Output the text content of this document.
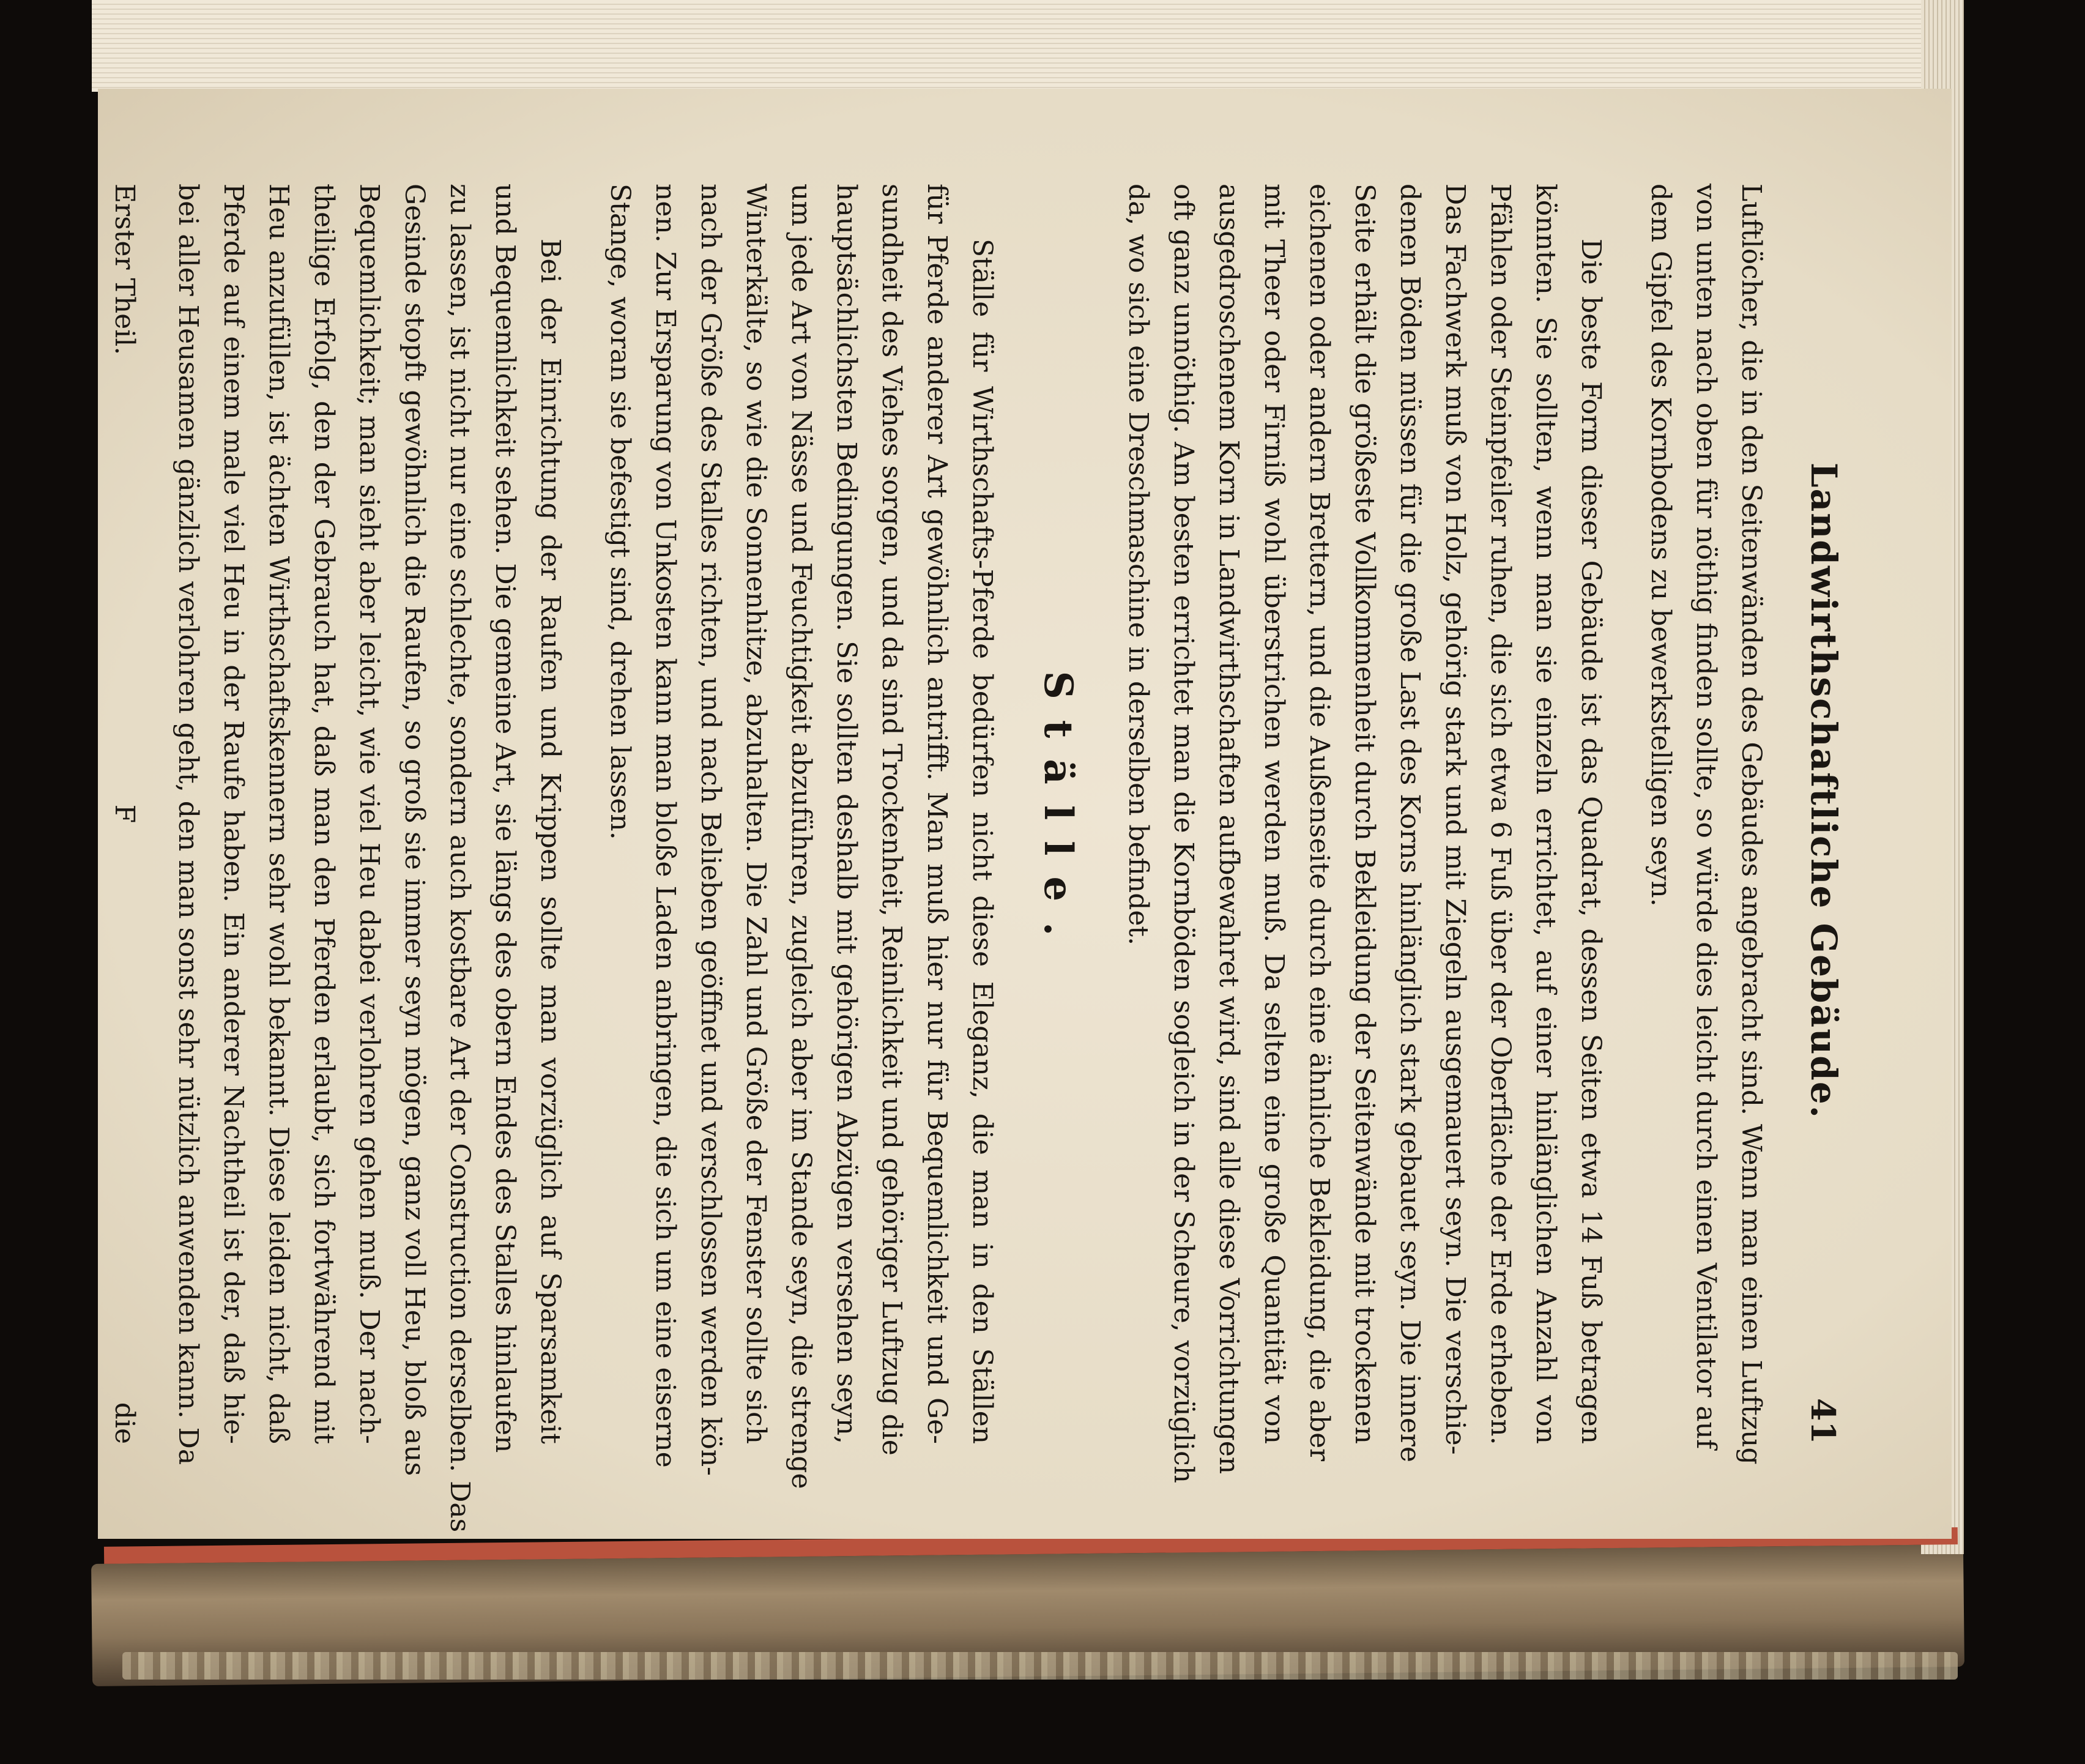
Landwirthschaftliche Gebäude.
41
Luftlöcher, die in den Seitenwänden des Gebäudes angebracht sind. Wenn man einen Luftzug
von unten nach oben für nöthig finden sollte, so würde dies leicht durch einen Ventilator auf
dem Gipfel des Kornbodens zu bewerkstelligen seyn.
Die beste Form dieser Gebäude ist das Quadrat, dessen Seiten etwa 14 Fuß betragen
könnten. Sie sollten, wenn man sie einzeln errichtet, auf einer hinlänglichen Anzahl von
Pfählen oder Steinpfeiler ruhen, die sich etwa 6 Fuß über der Oberfläche der Erde erheben.
Das Fachwerk muß von Holz, gehörig stark und mit Ziegeln ausgemauert seyn. Die verschie-
denen Böden müssen für die große Last des Korns hinlänglich stark gebauet seyn. Die innere
Seite erhält die größeste Vollkommenheit durch Bekleidung der Seitenwände mit trockenen
eichenen oder andern Brettern, und die Außenseite durch eine ähnliche Bekleidung, die aber
mit Theer oder Firniß wohl überstrichen werden muß. Da selten eine große Quantität von
ausgedroschenem Korn in Landwirthschaften aufbewahret wird, sind alle diese Vorrichtungen
oft ganz unnöthig. Am besten errichtet man die Kornböden sogleich in der Scheure, vorzüglich
da, wo sich eine Dreschmaschine in derselben befindet.
Ställe.
Ställe für Wirthschafts-Pferde bedürfen nicht diese Eleganz, die man in den Ställen
für Pferde anderer Art gewöhnlich antrifft. Man muß hier nur für Bequemlichkeit und Ge-
sundheit des Viehes sorgen, und da sind Trockenheit, Reinlichkeit und gehöriger Luftzug die
hauptsächlichsten Bedingungen. Sie sollten deshalb mit gehörigen Abzügen versehen seyn,
um jede Art von Nässe und Feuchtigkeit abzuführen, zugleich aber im Stande seyn, die strenge
Winterkälte, so wie die Sonnenhitze, abzuhalten. Die Zahl und Größe der Fenster sollte sich
nach der Größe des Stalles richten, und nach Belieben geöffnet und verschlossen werden kön-
nen. Zur Ersparung von Unkosten kann man bloße Laden anbringen, die sich um eine eiserne
Stange, woran sie befestigt sind, drehen lassen.
Bei der Einrichtung der Raufen und Krippen sollte man vorzüglich auf Sparsamkeit
und Bequemlichkeit sehen. Die gemeine Art, sie längs des obern Endes des Stalles hinlaufen
zu lassen, ist nicht nur eine schlechte, sondern auch kostbare Art der Construction derselben. Das
Gesinde stopft gewöhnlich die Raufen, so groß sie immer seyn mögen, ganz voll Heu, bloß aus
Bequemlichkeit; man sieht aber leicht, wie viel Heu dabei verlohren gehen muß. Der nach-
theilige Erfolg, den der Gebrauch hat, daß man den Pferden erlaubt, sich fortwährend mit
Heu anzufüllen, ist ächten Wirthschaftskennern sehr wohl bekannt. Diese leiden nicht, daß
Pferde auf einem male viel Heu in der Raufe haben. Ein anderer Nachtheil ist der, daß hie-
bei aller Heusamen gänzlich verlohren geht, den man sonst sehr nützlich anwenden kann. Da
Erster Theil.
F
die
